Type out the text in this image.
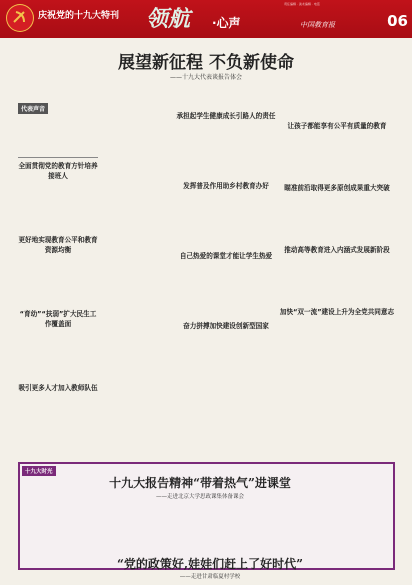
庆祝党的十九大特刊 领航 ·心声
责任编辑 · 美术编辑 · 电话
中国教育报	06
展望新征程 不负新使命
——十九大代表谈报告体会
代表声音
全面贯彻党的教育方针培养接班人
更好地实现教育公平和教育资源均衡
“育幼”“扶弱”扩大民生工作覆盖面
吸引更多人才加入教师队伍
承担起学生健康成长引路人的责任
发挥普及作用助乡村教育办好
自己热爱的课堂才能让学生热爱
奋力拼搏加快建设创新型国家
让孩子都能享有公平有质量的教育
瞄准前沿取得更多原创成果重大突破
推动高等教育进入内涵式发展新阶段
加快“双一流”建设上升为全党共同意志
十九大时光
十九大报告精神“带着热气”进课堂
——走进北京大学思政课集体备课会
“党的政策好,娃娃们赶上了好时代”
——走进甘肃临夏村学校
